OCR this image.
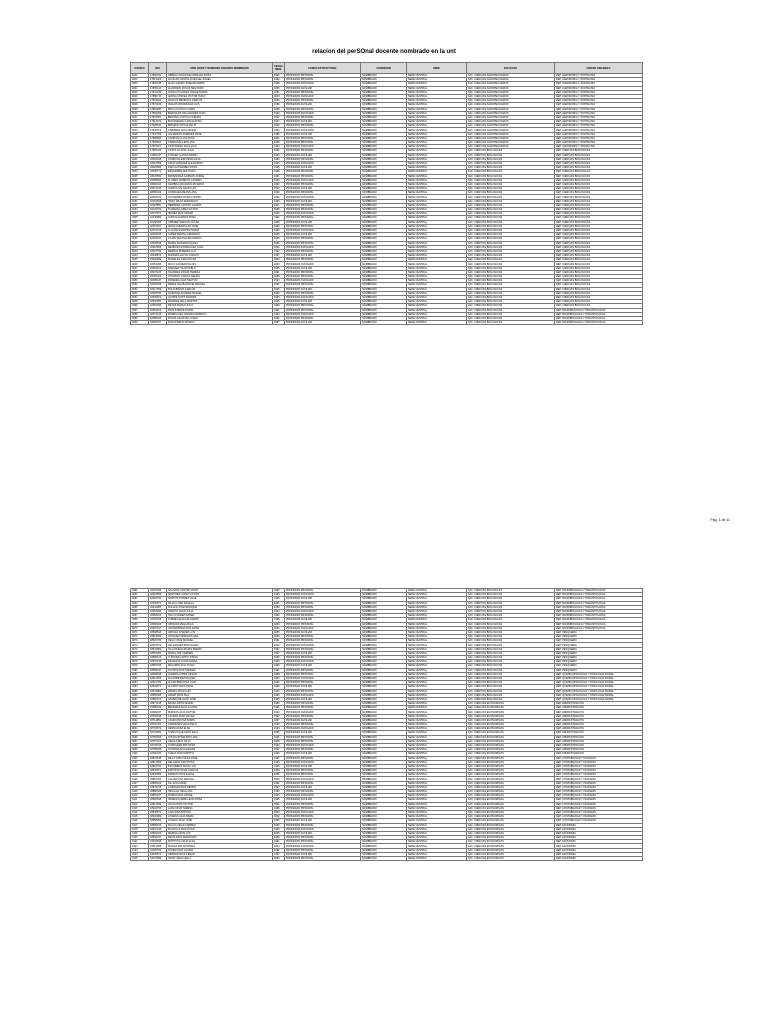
relacion del perSOnal docente nombrado en la unt
CODIGO	DNI	APELLIDOS Y NOMBRES DOCENTE NOMBRADO	FECHA INGR.	CARGO ESTRUCTURAL	CONDICION	SEDE	FACULTAD	UNIDAD ORGANICA
0001	17802011	ABREGU RIVAS DE URTEAGA ROSA	1990	PROFESOR PRINCIPAL	NOMBRADO	SEDE CENTRAL	FAC. CIENCIAS AGROPECUARIAS	DEP. AGRONOMIA Y ZOOTECNIA
0002	17814023	AGUILAR CASTILLO MIGUEL ANGEL	1992	PROFESOR PRINCIPAL	NOMBRADO	SEDE CENTRAL	FAC. CIENCIAS AGROPECUARIAS	DEP. AGRONOMIA Y ZOOTECNIA
0003	17820345	ALVA LAZARO JOSE EDUARDO	1988	PROFESOR ASOCIADO	NOMBRADO	SEDE CENTRAL	FAC. CIENCIAS AGROPECUARIAS	DEP. AGRONOMIA Y ZOOTECNIA
0004	17835124	ALVARADO ROJAS SEGUNDO	1995	PROFESOR AUXILIAR	NOMBRADO	SEDE CENTRAL	FAC. CIENCIAS AGROPECUARIAS	DEP. AGRONOMIA Y ZOOTECNIA
0005	17841239	ANGULO FLORES JORGE MARIO	1991	PROFESOR PRINCIPAL	NOMBRADO	SEDE CENTRAL	FAC. CIENCIAS AGROPECUARIAS	DEP. AGRONOMIA Y ZOOTECNIA
0006	17856710	ARANA CHAVEZ VICTOR HUGO	1993	PROFESOR ASOCIADO	NOMBRADO	SEDE CENTRAL	FAC. CIENCIAS AGROPECUARIAS	DEP. AGRONOMIA Y ZOOTECNIA
0007	17863402	ARAUJO MENDOZA CARLOS	1990	PROFESOR PRINCIPAL	NOMBRADO	SEDE CENTRAL	FAC. CIENCIAS AGROPECUARIAS	DEP. AGRONOMIA Y ZOOTECNIA
0008	17870233	AVALOS RODRIGUEZ LUIS	1996	PROFESOR AUXILIAR	NOMBRADO	SEDE CENTRAL	FAC. CIENCIAS AGROPECUARIAS	DEP. AGRONOMIA Y ZOOTECNIA
0009	17881190	BACA CASTILLO SARA	1989	PROFESOR PRINCIPAL	NOMBRADO	SEDE CENTRAL	FAC. CIENCIAS AGROPECUARIAS	DEP. AGRONOMIA Y ZOOTECNIA
0010	17892456	BARDALES VALLADARES JUAN	1994	PROFESOR ASOCIADO	NOMBRADO	SEDE CENTRAL	FAC. CIENCIAS AGROPECUARIAS	DEP. AGRONOMIA Y ZOOTECNIA
0011	17903381	BENITES CASTILLO PEDRO	1992	PROFESOR PRINCIPAL	NOMBRADO	SEDE CENTRAL	FAC. CIENCIAS AGROPECUARIAS	DEP. AGRONOMIA Y ZOOTECNIA
0012	17914422	BOCANEGRA GARCIA ROSA	1997	PROFESOR AUXILIAR	NOMBRADO	SEDE CENTRAL	FAC. CIENCIAS AGROPECUARIAS	DEP. AGRONOMIA Y ZOOTECNIA
0013	17925510	BRICEÑO ROJAS FELIX	1990	PROFESOR PRINCIPAL	NOMBRADO	SEDE CENTRAL	FAC. CIENCIAS AGROPECUARIAS	DEP. AGRONOMIA Y ZOOTECNIA
0014	17936671	CABRERA VEGA MARIA	1993	PROFESOR ASOCIADO	NOMBRADO	SEDE CENTRAL	FAC. CIENCIAS AGROPECUARIAS	DEP. AGRONOMIA Y ZOOTECNIA
0015	17947782	CALDERON PAREDES JOSE	1995	PROFESOR AUXILIAR	NOMBRADO	SEDE CENTRAL	FAC. CIENCIAS AGROPECUARIAS	DEP. AGRONOMIA Y ZOOTECNIA
0016	17958893	CAMPOS ULLOA RAUL	1991	PROFESOR PRINCIPAL	NOMBRADO	SEDE CENTRAL	FAC. CIENCIAS AGROPECUARIAS	DEP. AGRONOMIA Y ZOOTECNIA
0017	17969904	CARRANZA LEON ANA	1988	PROFESOR PRINCIPAL	NOMBRADO	SEDE CENTRAL	FAC. CIENCIAS AGROPECUARIAS	DEP. AGRONOMIA Y ZOOTECNIA
0018	17970115	CASTAÑEDA SILVA LUIS	1994	PROFESOR ASOCIADO	NOMBRADO	SEDE CENTRAL	FAC. CIENCIAS AGROPECUARIAS	DEP. AGRONOMIA Y ZOOTECNIA
0019	17981226	CASTILLO ALVA JUAN	1992	PROFESOR PRINCIPAL	NOMBRADO	SEDE CENTRAL	FAC. CIENCIAS BIOLOGICAS	DEP. CIENCIAS BIOLOGICAS
0020	17992337	CHAVEZ LLANOS MARIO	1996	PROFESOR AUXILIAR	NOMBRADO	SEDE CENTRAL	FAC. CIENCIAS BIOLOGICAS	DEP. CIENCIAS BIOLOGICAS
0021	18003448	CORDOVA ESPINOZA ELSA	1990	PROFESOR PRINCIPAL	NOMBRADO	SEDE CENTRAL	FAC. CIENCIAS BIOLOGICAS	DEP. CIENCIAS BIOLOGICAS
0022	18014559	CRUZ VASQUEZ ALEJANDRO	1993	PROFESOR ASOCIADO	NOMBRADO	SEDE CENTRAL	FAC. CIENCIAS BIOLOGICAS	DEP. CIENCIAS BIOLOGICAS
0023	18025660	DIAZ GUTIERREZ SONIA	1995	PROFESOR AUXILIAR	NOMBRADO	SEDE CENTRAL	FAC. CIENCIAS BIOLOGICAS	DEP. CIENCIAS BIOLOGICAS
0024	18036771	ESQUERRE PAZ HUGO	1989	PROFESOR PRINCIPAL	NOMBRADO	SEDE CENTRAL	FAC. CIENCIAS BIOLOGICAS	DEP. CIENCIAS BIOLOGICAS
0025	18047882	FERNANDEZ GUZMAN JORGE	1991	PROFESOR PRINCIPAL	NOMBRADO	SEDE CENTRAL	FAC. CIENCIAS BIOLOGICAS	DEP. CIENCIAS BIOLOGICAS
0026	18058993	FLORES MORENO CARMEN	1994	PROFESOR ASOCIADO	NOMBRADO	SEDE CENTRAL	FAC. CIENCIAS BIOLOGICAS	DEP. CIENCIAS BIOLOGICAS
0027	18060104	GAMBOA CRUZADO RICARDO	1992	PROFESOR PRINCIPAL	NOMBRADO	SEDE CENTRAL	FAC. CIENCIAS BIOLOGICAS	DEP. CIENCIAS BIOLOGICAS
0028	18071215	GARCIA SALAZAR LUIS	1997	PROFESOR AUXILIAR	NOMBRADO	SEDE CENTRAL	FAC. CIENCIAS BIOLOGICAS	DEP. CIENCIAS BIOLOGICAS
0029	18082326	GONZALES REYES ANA	1990	PROFESOR PRINCIPAL	NOMBRADO	SEDE CENTRAL	FAC. CIENCIAS BIOLOGICAS	DEP. CIENCIAS BIOLOGICAS
0030	18093437	GUTIERREZ ROSAS PEDRO	1993	PROFESOR ASOCIADO	NOMBRADO	SEDE CENTRAL	FAC. CIENCIAS BIOLOGICAS	DEP. CIENCIAS BIOLOGICAS
0031	18104548	HARO MEJIA FERNANDO	1995	PROFESOR AUXILIAR	NOMBRADO	SEDE CENTRAL	FAC. CIENCIAS BIOLOGICAS	DEP. CIENCIAS BIOLOGICAS
0032	18115659	HERRERA CASTRO GLORIA	1991	PROFESOR PRINCIPAL	NOMBRADO	SEDE CENTRAL	FAC. CIENCIAS BIOLOGICAS	DEP. CIENCIAS BIOLOGICAS
0033	18126760	HUAMAN LOPEZ VICTOR	1988	PROFESOR PRINCIPAL	NOMBRADO	SEDE CENTRAL	FAC. CIENCIAS BIOLOGICAS	DEP. CIENCIAS BIOLOGICAS
0034	18137871	IBAÑEZ RUIZ CESAR	1994	PROFESOR ASOCIADO	NOMBRADO	SEDE CENTRAL	FAC. CIENCIAS BIOLOGICAS	DEP. CIENCIAS BIOLOGICAS
0035	18148982	JARA ALVARADO ROSA	1992	PROFESOR PRINCIPAL	NOMBRADO	SEDE CENTRAL	FAC. CIENCIAS BIOLOGICAS	DEP. CIENCIAS BIOLOGICAS
0036	18150093	JIMENEZ VARGAS OSCAR	1996	PROFESOR AUXILIAR	NOMBRADO	SEDE CENTRAL	FAC. CIENCIAS BIOLOGICAS	DEP. CIENCIAS BIOLOGICAS
0037	18161104	LEON CABANILLAS JOSE	1990	PROFESOR PRINCIPAL	NOMBRADO	SEDE CENTRAL	FAC. CIENCIAS BIOLOGICAS	DEP. CIENCIAS BIOLOGICAS
0038	18172215	LLAQUE SANCHEZ MARIA	1993	PROFESOR ASOCIADO	NOMBRADO	SEDE CENTRAL	FAC. CIENCIAS BIOLOGICAS	DEP. CIENCIAS BIOLOGICAS
0039	18183326	LOPEZ MEDINA ARMANDO	1995	PROFESOR AUXILIAR	NOMBRADO	SEDE CENTRAL	FAC. CIENCIAS BIOLOGICAS	DEP. CIENCIAS BIOLOGICAS
0040	18194437	LUJAN VELASQUEZ MARCO	1989	PROFESOR PRINCIPAL	NOMBRADO	SEDE CENTRAL	FAC. CIENCIAS BIOLOGICAS	DEP. CIENCIAS BIOLOGICAS
0041	18205548	MARIN ZAVALETA ELENA	1991	PROFESOR PRINCIPAL	NOMBRADO	SEDE CENTRAL	FAC. CIENCIAS BIOLOGICAS	DEP. CIENCIAS BIOLOGICAS
0042	18216659	MENDOZA RODRIGUEZ JUAN	1994	PROFESOR ASOCIADO	NOMBRADO	SEDE CENTRAL	FAC. CIENCIAS BIOLOGICAS	DEP. CIENCIAS BIOLOGICAS
0043	18227760	MERINO PAREDES LUZ	1992	PROFESOR PRINCIPAL	NOMBRADO	SEDE CENTRAL	FAC. CIENCIAS BIOLOGICAS	DEP. CIENCIAS BIOLOGICAS
0044	18238871	MIRANDA LEYVA CARLOS	1997	PROFESOR AUXILIAR	NOMBRADO	SEDE CENTRAL	FAC. CIENCIAS BIOLOGICAS	DEP. CIENCIAS BIOLOGICAS
0045	18249982	MORALES CRUZ DIANA	1990	PROFESOR PRINCIPAL	NOMBRADO	SEDE CENTRAL	FAC. CIENCIAS BIOLOGICAS	DEP. CIENCIAS BIOLOGICAS
0046	18251093	MOYA CALDERON LUIS	1993	PROFESOR ASOCIADO	NOMBRADO	SEDE CENTRAL	FAC. CIENCIAS BIOLOGICAS	DEP. CIENCIAS BIOLOGICAS
0047	18262104	NARVAEZ SILVA PABLO	1995	PROFESOR AUXILIAR	NOMBRADO	SEDE CENTRAL	FAC. CIENCIAS BIOLOGICAS	DEP. CIENCIAS BIOLOGICAS
0048	18273215	OLIVARES ROJAS TERESA	1991	PROFESOR PRINCIPAL	NOMBRADO	SEDE CENTRAL	FAC. CIENCIAS BIOLOGICAS	DEP. CIENCIAS BIOLOGICAS
0049	18284326	OTINIANO GARCIA NELIDA	1988	PROFESOR PRINCIPAL	NOMBRADO	SEDE CENTRAL	FAC. CIENCIAS BIOLOGICAS	DEP. CIENCIAS BIOLOGICAS
0050	18295437	PAREDES ALVA HECTOR	1994	PROFESOR ASOCIADO	NOMBRADO	SEDE CENTRAL	FAC. CIENCIAS BIOLOGICAS	DEP. CIENCIAS BIOLOGICAS
0051	18306548	PEREZ AZAHUANCHE MANUEL	1992	PROFESOR PRINCIPAL	NOMBRADO	SEDE CENTRAL	FAC. CIENCIAS BIOLOGICAS	DEP. CIENCIAS BIOLOGICAS
0052	18317659	POLO BRAVO CARLOS	1996	PROFESOR AUXILIAR	NOMBRADO	SEDE CENTRAL	FAC. CIENCIAS BIOLOGICAS	DEP. CIENCIAS BIOLOGICAS
0053	18328760	QUEZADA ALVAREZ RAFAEL	1990	PROFESOR PRINCIPAL	NOMBRADO	SEDE CENTRAL	FAC. CIENCIAS BIOLOGICAS	DEP. CIENCIAS BIOLOGICAS
0054	18339871	QUISPE SOTO ANDRES	1993	PROFESOR ASOCIADO	NOMBRADO	SEDE CENTRAL	FAC. CIENCIAS BIOLOGICAS	DEP. CIENCIAS BIOLOGICAS
0055	18340982	RAMIREZ VELA MARTHA	1995	PROFESOR AUXILIAR	NOMBRADO	SEDE CENTRAL	FAC. CIENCIAS BIOLOGICAS	DEP. CIENCIAS BIOLOGICAS
0056	18352093	REYES BAZAN JULIO	1989	PROFESOR PRINCIPAL	NOMBRADO	SEDE CENTRAL	FAC. CIENCIAS BIOLOGICAS	DEP. CIENCIAS BIOLOGICAS
0057	18363104	RIOS ZARATE DORIS	1991	PROFESOR PRINCIPAL	NOMBRADO	SEDE CENTRAL	FAC. CIENCIAS BIOLOGICAS	DEP. MICROBIOLOGIA Y PARASITOLOGIA
0058	18374215	RODRIGUEZ CHAVEZ ERNESTO	1994	PROFESOR ASOCIADO	NOMBRADO	SEDE CENTRAL	FAC. CIENCIAS BIOLOGICAS	DEP. MICROBIOLOGIA Y PARASITOLOGIA
0059	18385326	ROJAS VALDIVIA LILIANA	1992	PROFESOR PRINCIPAL	NOMBRADO	SEDE CENTRAL	FAC. CIENCIAS BIOLOGICAS	DEP. MICROBIOLOGIA Y PARASITOLOGIA
0060	18396437	RUIZ ESPEJO MARCO	1997	PROFESOR AUXILIAR	NOMBRADO	SEDE CENTRAL	FAC. CIENCIAS BIOLOGICAS	DEP. MICROBIOLOGIA Y PARASITOLOGIA
Pag. 1 de 11
0061	18407548	SALAZAR CASTRO ROSA	1990	PROFESOR PRINCIPAL	NOMBRADO	SEDE CENTRAL	FAC. CIENCIAS BIOLOGICAS	DEP. MICROBIOLOGIA Y PARASITOLOGIA
0062	18418659	SANCHEZ LOPEZ VICTOR	1993	PROFESOR ASOCIADO	NOMBRADO	SEDE CENTRAL	FAC. CIENCIAS BIOLOGICAS	DEP. MICROBIOLOGIA Y PARASITOLOGIA
0063	18429760	SANTOS TORRES JOSE	1995	PROFESOR AUXILIAR	NOMBRADO	SEDE CENTRAL	FAC. CIENCIAS BIOLOGICAS	DEP. MICROBIOLOGIA Y PARASITOLOGIA
0064	18430871	SILVA LUJAN ANGELA	1991	PROFESOR PRINCIPAL	NOMBRADO	SEDE CENTRAL	FAC. CIENCIAS BIOLOGICAS	DEP. MICROBIOLOGIA Y PARASITOLOGIA
0065	18441982	SOLANO RUIZ ENRIQUE	1988	PROFESOR PRINCIPAL	NOMBRADO	SEDE CENTRAL	FAC. CIENCIAS BIOLOGICAS	DEP. MICROBIOLOGIA Y PARASITOLOGIA
0066	18453093	TAMAYO LEON JULIA	1994	PROFESOR ASOCIADO	NOMBRADO	SEDE CENTRAL	FAC. CIENCIAS BIOLOGICAS	DEP. MICROBIOLOGIA Y PARASITOLOGIA
0067	18464104	TELLO PEREZ DANIEL	1992	PROFESOR PRINCIPAL	NOMBRADO	SEDE CENTRAL	FAC. CIENCIAS BIOLOGICAS	DEP. MICROBIOLOGIA Y PARASITOLOGIA
0068	18475215	TORRES ALVA MILAGROS	1996	PROFESOR AUXILIAR	NOMBRADO	SEDE CENTRAL	FAC. CIENCIAS BIOLOGICAS	DEP. MICROBIOLOGIA Y PARASITOLOGIA
0069	18486326	URQUIZA VEGA RAUL	1990	PROFESOR PRINCIPAL	NOMBRADO	SEDE CENTRAL	FAC. CIENCIAS BIOLOGICAS	DEP. MICROBIOLOGIA Y PARASITOLOGIA
0070	18497437	VALDERRAMA DIAZ ROSA	1993	PROFESOR ASOCIADO	NOMBRADO	SEDE CENTRAL	FAC. CIENCIAS BIOLOGICAS	DEP. MICROBIOLOGIA Y PARASITOLOGIA
0071	18508548	VARGAS CHAVEZ LUIS	1995	PROFESOR AUXILIAR	NOMBRADO	SEDE CENTRAL	FAC. CIENCIAS BIOLOGICAS	DEP. PESQUERIA
0072	18519659	VASQUEZ MORALES ANA	1989	PROFESOR PRINCIPAL	NOMBRADO	SEDE CENTRAL	FAC. CIENCIAS BIOLOGICAS	DEP. PESQUERIA
0073	18520760	VEGA CRUZ MANUEL	1991	PROFESOR PRINCIPAL	NOMBRADO	SEDE CENTRAL	FAC. CIENCIAS BIOLOGICAS	DEP. PESQUERIA
0074	18531871	VELASQUEZ RIOS ELENA	1994	PROFESOR ASOCIADO	NOMBRADO	SEDE CENTRAL	FAC. CIENCIAS BIOLOGICAS	DEP. PESQUERIA
0075	18542982	VILLANUEVA ROJAS PEDRO	1992	PROFESOR PRINCIPAL	NOMBRADO	SEDE CENTRAL	FAC. CIENCIAS BIOLOGICAS	DEP. PESQUERIA
0076	18554093	WONG PAZ CARMEN	1997	PROFESOR AUXILIAR	NOMBRADO	SEDE CENTRAL	FAC. CIENCIAS BIOLOGICAS	DEP. PESQUERIA
0077	18565104	YUPANQUI SOTO JORGE	1990	PROFESOR PRINCIPAL	NOMBRADO	SEDE CENTRAL	FAC. CIENCIAS BIOLOGICAS	DEP. PESQUERIA
0078	18576215	ZAVALETA LUJAN MARIA	1993	PROFESOR ASOCIADO	NOMBRADO	SEDE CENTRAL	FAC. CIENCIAS BIOLOGICAS	DEP. PESQUERIA
0079	18587326	ZEGARRA ALVA HUGO	1995	PROFESOR AUXILIAR	NOMBRADO	SEDE CENTRAL	FAC. CIENCIAS BIOLOGICAS	DEP. PESQUERIA
0080	18598437	ACOSTA RUIZ SANDRA	1991	PROFESOR PRINCIPAL	NOMBRADO	SEDE CENTRAL	FAC. CIENCIAS BIOLOGICAS	DEP. PESQUERIA
0081	18609548	AGREDA LOPEZ CESAR	1988	PROFESOR PRINCIPAL	NOMBRADO	SEDE CENTRAL	FAC. CIENCIAS BIOLOGICAS	DEP. QUIMICA BIOLOGICA Y FISIOLOGIA ANIMAL
0082	18610659	AGUIRRE PAZ RAQUEL	1994	PROFESOR ASOCIADO	NOMBRADO	SEDE CENTRAL	FAC. CIENCIAS BIOLOGICAS	DEP. QUIMICA BIOLOGICA Y FISIOLOGIA ANIMAL
0083	18621760	ALCANTARA DIAZ JUAN	1992	PROFESOR PRINCIPAL	NOMBRADO	SEDE CENTRAL	FAC. CIENCIAS BIOLOGICAS	DEP. QUIMICA BIOLOGICA Y FISIOLOGIA ANIMAL
0084	18632871	ALFARO VEGA ROSA	1996	PROFESOR AUXILIAR	NOMBRADO	SEDE CENTRAL	FAC. CIENCIAS BIOLOGICAS	DEP. QUIMICA BIOLOGICA Y FISIOLOGIA ANIMAL
0085	18643982	ARMAS CRUZ LUIS	1990	PROFESOR PRINCIPAL	NOMBRADO	SEDE CENTRAL	FAC. CIENCIAS BIOLOGICAS	DEP. QUIMICA BIOLOGICA Y FISIOLOGIA ANIMAL
0086	18655093	ASMAT RIOS ANA	1993	PROFESOR ASOCIADO	NOMBRADO	SEDE CENTRAL	FAC. CIENCIAS BIOLOGICAS	DEP. QUIMICA BIOLOGICA Y FISIOLOGIA ANIMAL
0087	18666104	AZABACHE LEON JOSE	1995	PROFESOR AUXILIAR	NOMBRADO	SEDE CENTRAL	FAC. CIENCIAS BIOLOGICAS	DEP. QUIMICA BIOLOGICA Y FISIOLOGIA ANIMAL
0088	18677215	BAZAN ORTIZ MARIO	1989	PROFESOR PRINCIPAL	NOMBRADO	SEDE CENTRAL	FAC. CIENCIAS ECONOMICAS	DEP. ADMINISTRACION
0089	18688326	BECERRA SILVA GLORIA	1991	PROFESOR PRINCIPAL	NOMBRADO	SEDE CENTRAL	FAC. CIENCIAS ECONOMICAS	DEP. ADMINISTRACION
0090	18699437	BURGOS ALVA VICTOR	1994	PROFESOR ASOCIADO	NOMBRADO	SEDE CENTRAL	FAC. CIENCIAS ECONOMICAS	DEP. ADMINISTRACION
0091	18700548	CACEDA RUIZ OSCAR	1992	PROFESOR PRINCIPAL	NOMBRADO	SEDE CENTRAL	FAC. CIENCIAS ECONOMICAS	DEP. ADMINISTRACION
0092	18711659	CAMACHO PAZ DORIS	1997	PROFESOR AUXILIAR	NOMBRADO	SEDE CENTRAL	FAC. CIENCIAS ECONOMICAS	DEP. ADMINISTRACION
0093	18722760	CARDENAS VEGA FELIX	1990	PROFESOR PRINCIPAL	NOMBRADO	SEDE CENTRAL	FAC. CIENCIAS ECONOMICAS	DEP. ADMINISTRACION
0094	18733871	CERNA DIAZ ELSA	1993	PROFESOR ASOCIADO	NOMBRADO	SEDE CENTRAL	FAC. CIENCIAS ECONOMICAS	DEP. ADMINISTRACION
0095	18744982	CHAFLOQUE LEON RAUL	1995	PROFESOR AUXILIAR	NOMBRADO	SEDE CENTRAL	FAC. CIENCIAS ECONOMICAS	DEP. ADMINISTRACION
0096	18756093	CHUQUIPOMA RIOS ANA	1991	PROFESOR PRINCIPAL	NOMBRADO	SEDE CENTRAL	FAC. CIENCIAS ECONOMICAS	DEP. ADMINISTRACION
0097	18767104	CIEZA CRUZ JULIO	1988	PROFESOR PRINCIPAL	NOMBRADO	SEDE CENTRAL	FAC. CIENCIAS ECONOMICAS	DEP. ADMINISTRACION
0098	18778215	CORCUERA PAZ NORA	1994	PROFESOR ASOCIADO	NOMBRADO	SEDE CENTRAL	FAC. CIENCIAS ECONOMICAS	DEP. ADMINISTRACION
0099	18789326	COTRINA ALVA EDGAR	1992	PROFESOR PRINCIPAL	NOMBRADO	SEDE CENTRAL	FAC. CIENCIAS ECONOMICAS	DEP. ADMINISTRACION
0100	18790437	CUEVA RUIZ MARTHA	1996	PROFESOR AUXILIAR	NOMBRADO	SEDE CENTRAL	FAC. CIENCIAS ECONOMICAS	DEP. ADMINISTRACION
0101	18801548	DE LA CRUZ VEGA JOSE	1990	PROFESOR PRINCIPAL	NOMBRADO	SEDE CENTRAL	FAC. CIENCIAS ECONOMICAS	DEP. CONTABILIDAD Y FINANZAS
0102	18812659	DELGADO DIAZ ROSA	1993	PROFESOR ASOCIADO	NOMBRADO	SEDE CENTRAL	FAC. CIENCIAS ECONOMICAS	DEP. CONTABILIDAD Y FINANZAS
0103	18823760	ESCOBEDO LEON LUIS	1995	PROFESOR AUXILIAR	NOMBRADO	SEDE CENTRAL	FAC. CIENCIAS ECONOMICAS	DEP. CONTABILIDAD Y FINANZAS
0104	18834871	ESPINOZA RIOS CARLOS	1989	PROFESOR PRINCIPAL	NOMBRADO	SEDE CENTRAL	FAC. CIENCIAS ECONOMICAS	DEP. CONTABILIDAD Y FINANZAS
0105	18845982	FARFAN CRUZ ELENA	1991	PROFESOR PRINCIPAL	NOMBRADO	SEDE CENTRAL	FAC. CIENCIAS ECONOMICAS	DEP. CONTABILIDAD Y FINANZAS
0106	18857093	GALVEZ PAZ MANUEL	1994	PROFESOR ASOCIADO	NOMBRADO	SEDE CENTRAL	FAC. CIENCIAS ECONOMICAS	DEP. CONTABILIDAD Y FINANZAS
0107	18868104	GIL ALVA SONIA	1992	PROFESOR PRINCIPAL	NOMBRADO	SEDE CENTRAL	FAC. CIENCIAS ECONOMICAS	DEP. CONTABILIDAD Y FINANZAS
0108	18879215	GUEVARA RUIZ PEDRO	1997	PROFESOR AUXILIAR	NOMBRADO	SEDE CENTRAL	FAC. CIENCIAS ECONOMICAS	DEP. CONTABILIDAD Y FINANZAS
0109	18880326	HIDALGO VEGA ANA	1990	PROFESOR PRINCIPAL	NOMBRADO	SEDE CENTRAL	FAC. CIENCIAS ECONOMICAS	DEP. CONTABILIDAD Y FINANZAS
0110	18891437	HORNA DIAZ JORGE	1993	PROFESOR ASOCIADO	NOMBRADO	SEDE CENTRAL	FAC. CIENCIAS ECONOMICAS	DEP. CONTABILIDAD Y FINANZAS
0111	18902548	IPARRAGUIRRE LEON ROSA	1995	PROFESOR AUXILIAR	NOMBRADO	SEDE CENTRAL	FAC. CIENCIAS ECONOMICAS	DEP. CONTABILIDAD Y FINANZAS
0112	18913659	JULCA RIOS VICTOR	1991	PROFESOR PRINCIPAL	NOMBRADO	SEDE CENTRAL	FAC. CIENCIAS ECONOMICAS	DEP. CONTABILIDAD Y FINANZAS
0113	18924760	LARA CRUZ TERESA	1988	PROFESOR PRINCIPAL	NOMBRADO	SEDE CENTRAL	FAC. CIENCIAS ECONOMICAS	DEP. CONTABILIDAD Y FINANZAS
0114	18935871	LAZO PAZ ARTURO	1994	PROFESOR ASOCIADO	NOMBRADO	SEDE CENTRAL	FAC. CIENCIAS ECONOMICAS	DEP. CONTABILIDAD Y FINANZAS
0115	18946982	LINARES ALVA MARIA	1992	PROFESOR PRINCIPAL	NOMBRADO	SEDE CENTRAL	FAC. CIENCIAS ECONOMICAS	DEP. CONTABILIDAD Y FINANZAS
0116	18958093	LOZANO RUIZ JOSE	1996	PROFESOR AUXILIAR	NOMBRADO	SEDE CENTRAL	FAC. CIENCIAS ECONOMICAS	DEP. CONTABILIDAD Y FINANZAS
0117	18969104	MALCA VEGA CARMEN	1990	PROFESOR PRINCIPAL	NOMBRADO	SEDE CENTRAL	FAC. CIENCIAS ECONOMICAS	DEP. ECONOMIA
0118	18970215	MANTILLA DIAZ HUGO	1993	PROFESOR ASOCIADO	NOMBRADO	SEDE CENTRAL	FAC. CIENCIAS ECONOMICAS	DEP. ECONOMIA
0119	18981326	MEDINA LEON LUZ	1995	PROFESOR AUXILIAR	NOMBRADO	SEDE CENTRAL	FAC. CIENCIAS ECONOMICAS	DEP. ECONOMIA
0120	18992437	MEJIA RIOS FERNANDO	1989	PROFESOR PRINCIPAL	NOMBRADO	SEDE CENTRAL	FAC. CIENCIAS ECONOMICAS	DEP. ECONOMIA
0121	19003548	MONTOYA CRUZ ELSA	1991	PROFESOR PRINCIPAL	NOMBRADO	SEDE CENTRAL	FAC. CIENCIAS ECONOMICAS	DEP. ECONOMIA
0122	19014659	MURGA PAZ RICARDO	1994	PROFESOR ASOCIADO	NOMBRADO	SEDE CENTRAL	FAC. CIENCIAS ECONOMICAS	DEP. ECONOMIA
0123	19025760	NUÑEZ ALVA GLORIA	1992	PROFESOR PRINCIPAL	NOMBRADO	SEDE CENTRAL	FAC. CIENCIAS ECONOMICAS	DEP. ECONOMIA
0124	19036871	OBANDO RUIZ CESAR	1997	PROFESOR AUXILIAR	NOMBRADO	SEDE CENTRAL	FAC. CIENCIAS ECONOMICAS	DEP. ECONOMIA
0125	19047982	ORTIZ VEGA NELLY	1990	PROFESOR PRINCIPAL	NOMBRADO	SEDE CENTRAL	FAC. CIENCIAS ECONOMICAS	DEP. ECONOMIA
